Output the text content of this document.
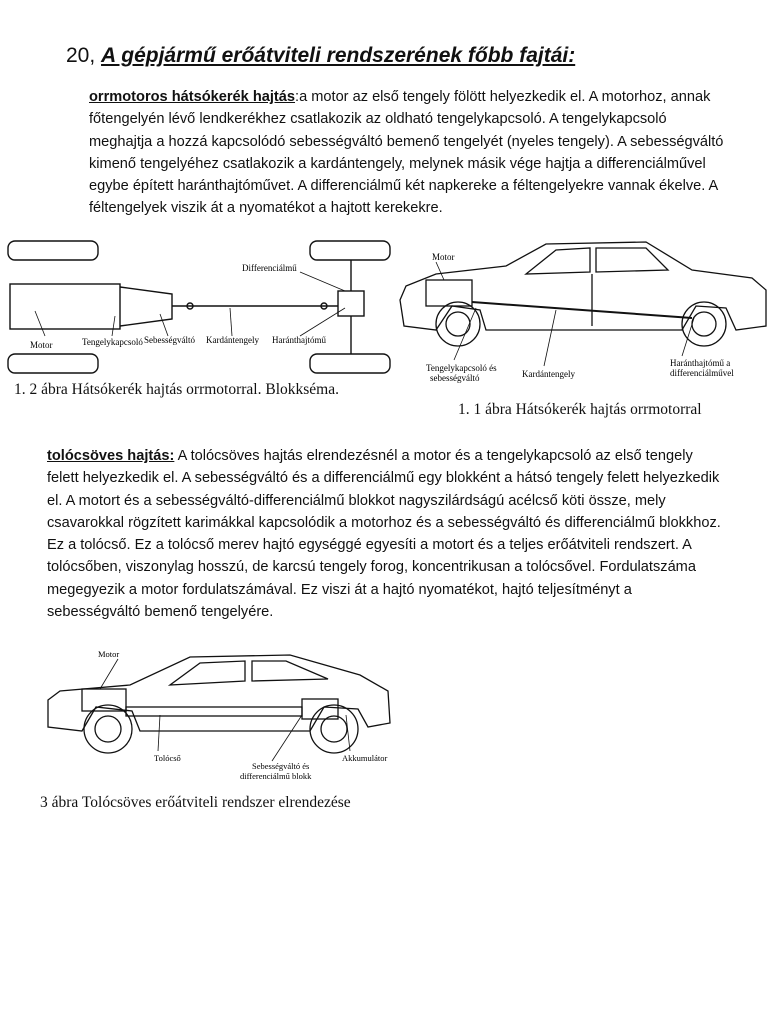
20, A gépjármű erőátviteli rendszerének főbb fajtái:
orrmotoros hátsókerék hajtás:a motor az első tengely fölött helyezkedik el. A motorhoz, annak főtengelyén lévő lendkerékhez csatlakozik az oldható tengelykapcsoló. A tengelykapcsoló meghajtja a hozzá kapcsolódó sebességváltó bemenő tengelyét (nyeles tengely). A sebességváltó kimenő tengelyéhez csatlakozik a kardántengely, melynek másik vége hajtja a differenciálművel egybe épített haránthajtóművet. A differenciálmű két napkereke a féltengelyekre vannak ékelve. A féltengelyek viszik át a nyomatékot a hajtott kerekekre.
Differenciálmű
Motor	Tengelykapcsoló Sebességváltó Kardántengely Haránthajtómű
1. 2 ábra Hátsókerék hajtás orrmotorral. Blokkséma.
Motor
Tengelykapcsoló és
sebességváltó	Kardántengely
Haránthajtómű a
differenciálművel
1. 1 ábra Hátsókerék hajtás orrmotorral
tolócsöves hajtás: A tolócsöves hajtás elrendezésnél a motor és a tengelykapcsoló az első tengely felett helyezkedik el. A sebességváltó és a differenciálmű egy blokként a hátsó tengely felett helyezkedik el. A motort és a sebességváltó-differenciálmű blokkot nagyszilárdságú acélcső köti össze, mely csavarokkal rögzített karimákkal kapcsolódik a motorhoz és a sebességváltó és differenciálmű blokkhoz. Ez a tolócső. Ez a tolócső merev hajtó egységgé egyesíti a motort és a teljes erőátviteli rendszert. A tolócsőben, viszonylag hosszú, de karcsú tengely forog, koncentrikusan a tolócsővel. Fordulatszáma megegyezik a motor fordulatszámával. Ez viszi át a hajtó nyomatékot, hajtó teljesítményt a sebességváltó bemenő tengelyére.
Motor
Tolócső
Sebességváltó és
differenciálmű blokk
Akkumulátor
3 ábra Tolócsöves erőátviteli rendszer elrendezése
